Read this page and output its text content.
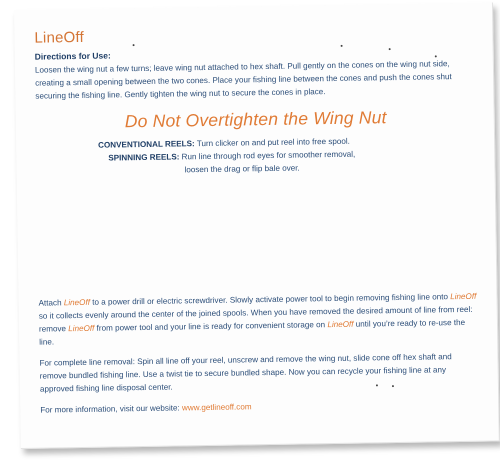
LineOff
Directions for Use:

Loosen the wing nut a few turns; leave wing nut attached to hex shaft. Pull gently on the cones on the wing nut side, creating a small opening between the two cones. Place your fishing line between the cones and push the cones shut securing the fishing line. Gently tighten the wing nut to secure the cones in place.

Do Not Overtighten the Wing Nut
CONVENTIONAL REELS: Turn clicker on and put reel into free spool.
SPINNING REELS: Run line through rod eyes for smoother removal,
loosen the drag or flip bale over.

Attach LineOff to a power drill or electric screwdriver. Slowly activate power tool to begin removing fishing line onto LineOff so it collects evenly around the center of the joined spools. When you have removed the desired amount of line from reel: remove LineOff from power tool and your line is ready for convenient storage on LineOff until you’re ready to re-use the line.

For complete line removal: Spin all line off your reel, unscrew and remove the wing nut, slide cone off hex shaft and remove bundled fishing line. Use a twist tie to secure bundled shape. Now you can recycle your fishing line at any approved fishing line disposal center.

For more information, visit our website: www.getlineoff.com
